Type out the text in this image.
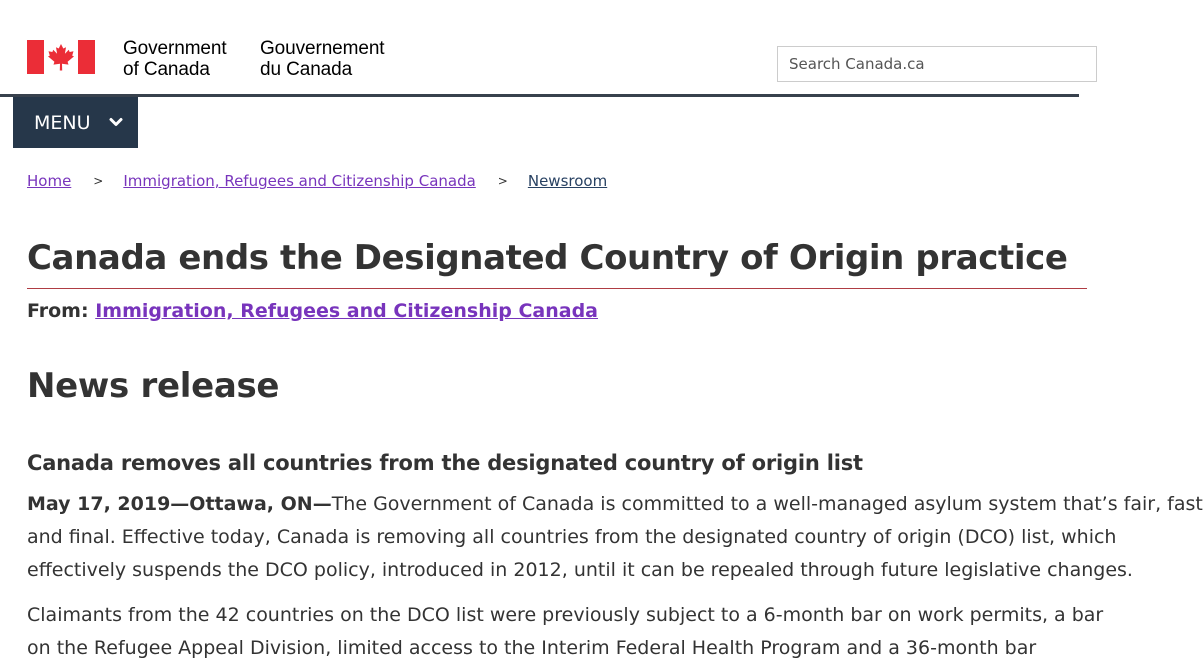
Government
of Canada
Gouvernement
du Canada
Search Canada.ca
MENU
Home > Immigration, Refugees and Citizenship Canada > Newsroom
Canada ends the Designated Country of Origin practice
From: Immigration, Refugees and Citizenship Canada
News release
Canada removes all countries from the designated country of origin list
May 17, 2019—Ottawa, ON—The Government of Canada is committed to a well-managed asylum system that’s fair, fast
and final. Effective today, Canada is removing all countries from the designated country of origin (DCO) list, which
effectively suspends the DCO policy, introduced in 2012, until it can be repealed through future legislative changes.
Claimants from the 42 countries on the DCO list were previously subject to a 6-month bar on work permits, a bar
on the Refugee Appeal Division, limited access to the Interim Federal Health Program and a 36-month bar
